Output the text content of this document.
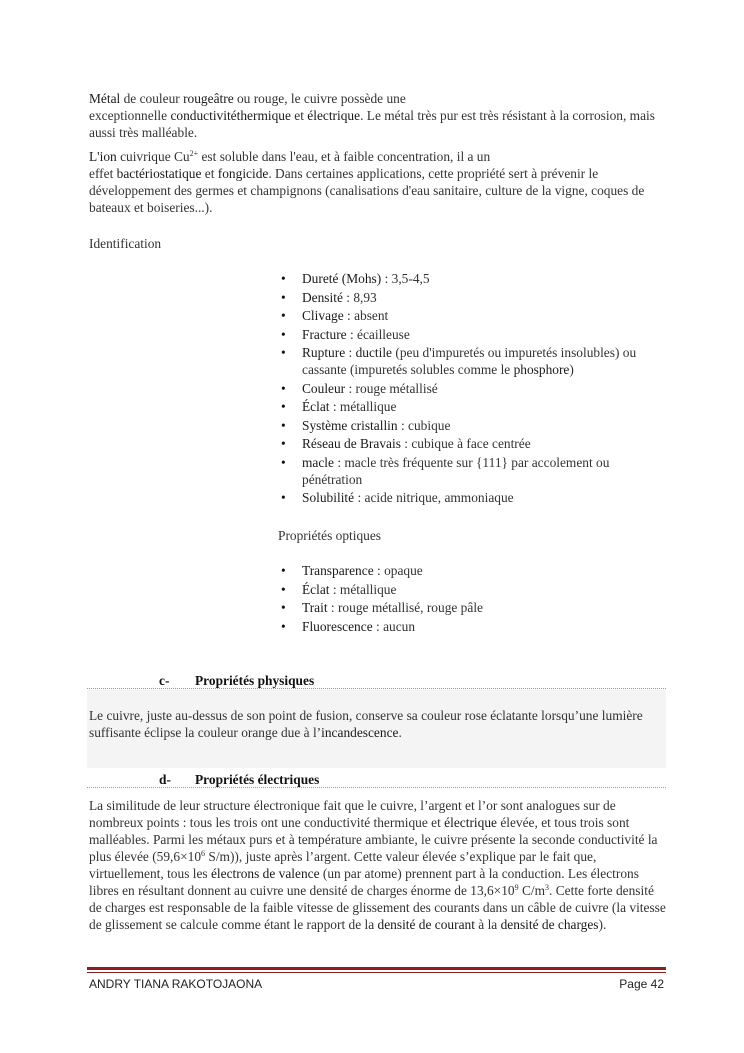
Métal de couleur rougeâtre ou rouge, le cuivre possède une
exceptionnelle conductivitéthermique et électrique. Le métal très pur est très résistant à la corrosion, mais aussi très malléable.
L'ion cuivrique $Cu^{2+}$ est soluble dans l'eau, et à faible concentration, il a un
effet bactériostatique et fongicide. Dans certaines applications, cette propriété sert à prévenir le développement des germes et champignons (canalisations d'eau sanitaire, culture de la vigne, coques de bateaux et boiseries...).
Identification
• Dureté (Mohs) : 3,5-4,5
• Densité : 8,93
• Clivage : absent
• Fracture : écailleuse
• Rupture : ductile (peu d'impuretés ou impuretés insolubles) ou cassante (impuretés solubles comme le phosphore)
• Couleur : rouge métallisé
• Éclat : métallique
• Système cristallin : cubique
• Réseau de Bravais : cubique à face centrée
• macle : macle très fréquente sur {111} par accolement ou pénétration
• Solubilité : acide nitrique, ammoniaque
Propriétés optiques
• Transparence : opaque
• Éclat : métallique
• Trait : rouge métallisé, rouge pâle
• Fluorescence : aucun
c- Propriétés physiques
Le cuivre, juste au-dessus de son point de fusion, conserve sa couleur rose éclatante lorsqu’une lumière suffisante éclipse la couleur orange due à l’incandescence.
d- Propriétés électriques
La similitude de leur structure électronique fait que le cuivre, l’argent et l’or sont analogues sur de nombreux points : tous les trois ont une conductivité thermique et électrique élevée, et tous trois sont malléables. Parmi les métaux purs et à température ambiante, le cuivre présente la seconde conductivité la plus élevée ($59,6\times 10^6$ S/m)), juste après l’argent. Cette valeur élevée s’explique par le fait que, virtuellement, tous les électrons de valence (un par atome) prennent part à la conduction. Les électrons libres en résultant donnent au cuivre une densité de charges énorme de $13,6\times 10^9$ $C/m^3$. Cette forte densité de charges est responsable de la faible vitesse de glissement des courants dans un câble de cuivre (la vitesse de glissement se calcule comme étant le rapport de la densité de courant à la densité de charges).
ANDRY TIANA RAKOTOJAONA	Page 42
